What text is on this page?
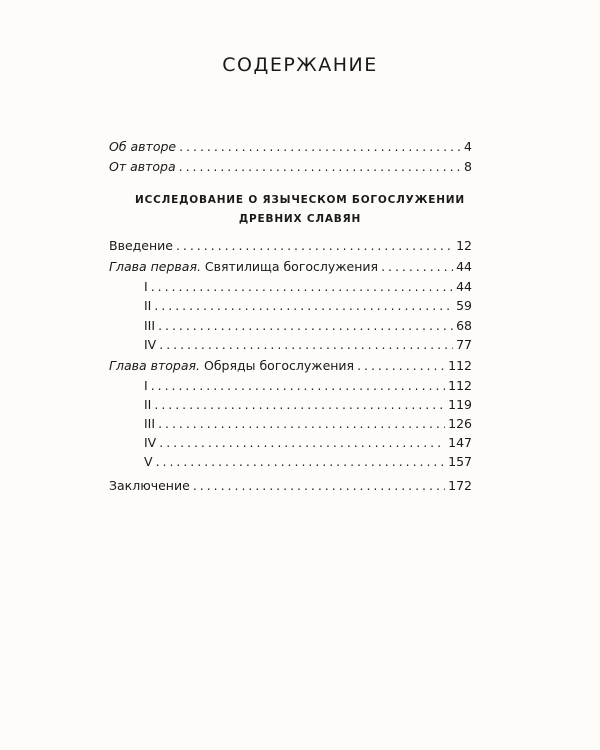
СОДЕРЖАНИЕ
Об авторе . . .	4
От автора . . .	8
ИССЛЕДОВАНИЕ О ЯЗЫЧЕСКОМ БОГОСЛУЖЕНИИ
ДРЕВНИХ СЛАВЯН
Введение . . .	12
Глава первая. Святилища богослужения . . .	44
I . . .	44
II . . .	59
III . . .	68
IV . . .	77
Глава вторая. Обряды богослужения . . .	112
I . . .	112
II . . .	119
III . . .	126
IV . . .	147
V . . .	157
Заключение . . .	172
